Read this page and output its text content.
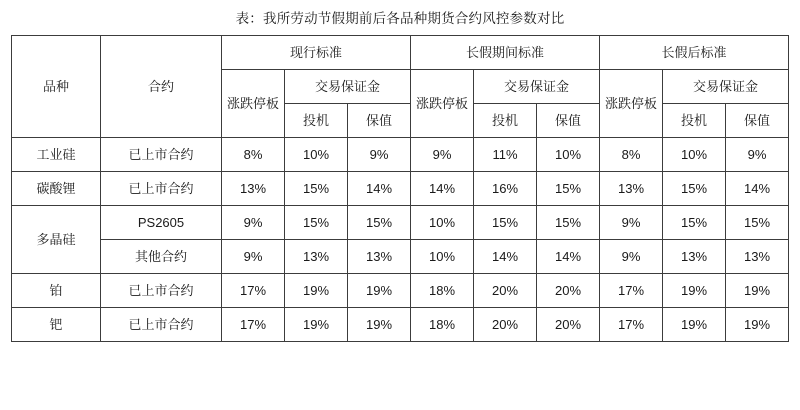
表：我所劳动节假期前后各品种期货合约风控参数对比
品种	合约	现行标准			长假期间标准			长假后标准		
		涨跌停板	交易保证金		涨跌停板	交易保证金		涨跌停板	交易保证金	
			投机	保值		投机	保值		投机	保值
工业硅	已上市合约	8%	10%	9%	9%	11%	10%	8%	10%	9%
碳酸锂	已上市合约	13%	15%	14%	14%	16%	15%	13%	15%	14%
多晶硅	PS2605	9%	15%	15%	10%	15%	15%	9%	15%	15%
	其他合约	9%	13%	13%	10%	14%	14%	9%	13%	13%
铂	已上市合约	17%	19%	19%	18%	20%	20%	17%	19%	19%
钯	已上市合约	17%	19%	19%	18%	20%	20%	17%	19%	19%
